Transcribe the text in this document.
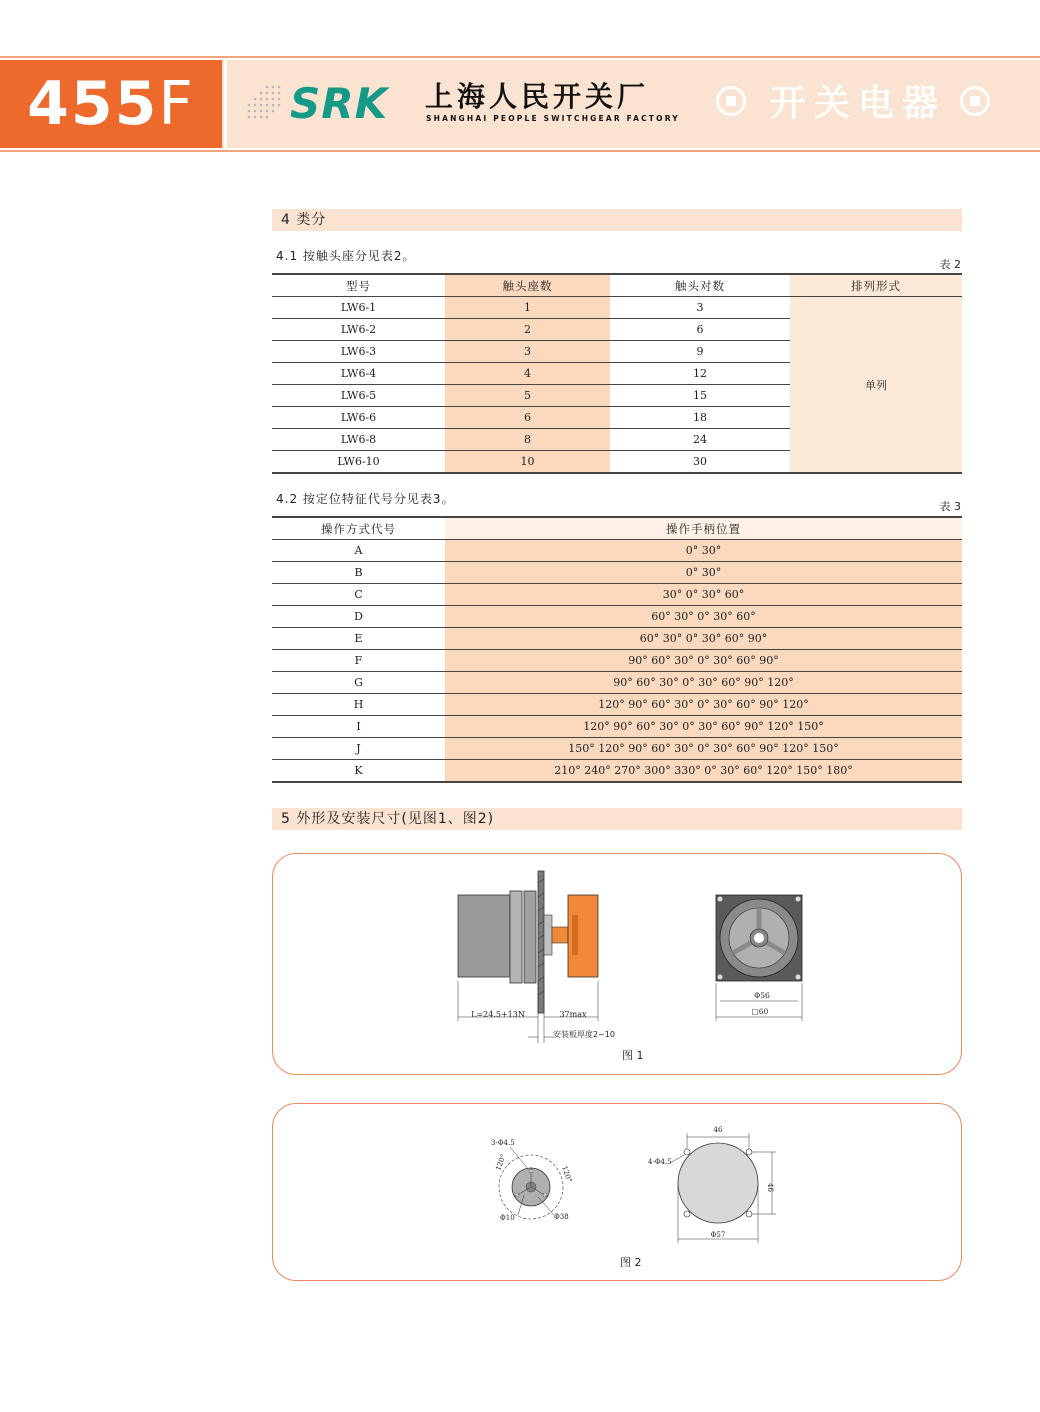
455F	SRK 上海人民开关厂
SHANGHAI PEOPLE SWITCHGEAR FACTORY	开关电器
4 类分
4.1 按触头座分见表2。
表 2
型号	触头座数	触头对数	排列形式
LW6-1	1	3	单列
LW6-2	2	6	
LW6-3	3	9	
LW6-4	4	12	
LW6-5	5	15	
LW6-6	6	18	
LW6-8	8	24	
LW6-10	10	30	
4.2 按定位特征代号分见表3。
表 3
操作方式代号	操作手柄位置
A	0° 30°
B	0° 30°
C	30° 0° 30° 60°
D	60° 30° 0° 30° 60°
E	60° 30° 0° 30° 60° 90°
F	90° 60° 30° 0° 30° 60° 90°
G	90° 60° 30° 0° 30° 60° 90° 120°
H	120° 90° 60° 30° 0° 30° 60° 90° 120°
I	120° 90° 60° 30° 0° 30° 60° 90° 120° 150°
J	150° 120° 90° 60° 30° 0° 30° 60° 90° 120° 150°
K	210° 240° 270° 300° 330° 0° 30° 60° 120° 150° 180°
5 外形及安装尺寸(见图1、图2)
L=24.5+13N	37max
安装板厚度2~10
Φ56
□60
图 1
3-Φ4.5
120°
120°
Φ10	Φ38
46
4-Φ4.5
46
Φ57
图 2
